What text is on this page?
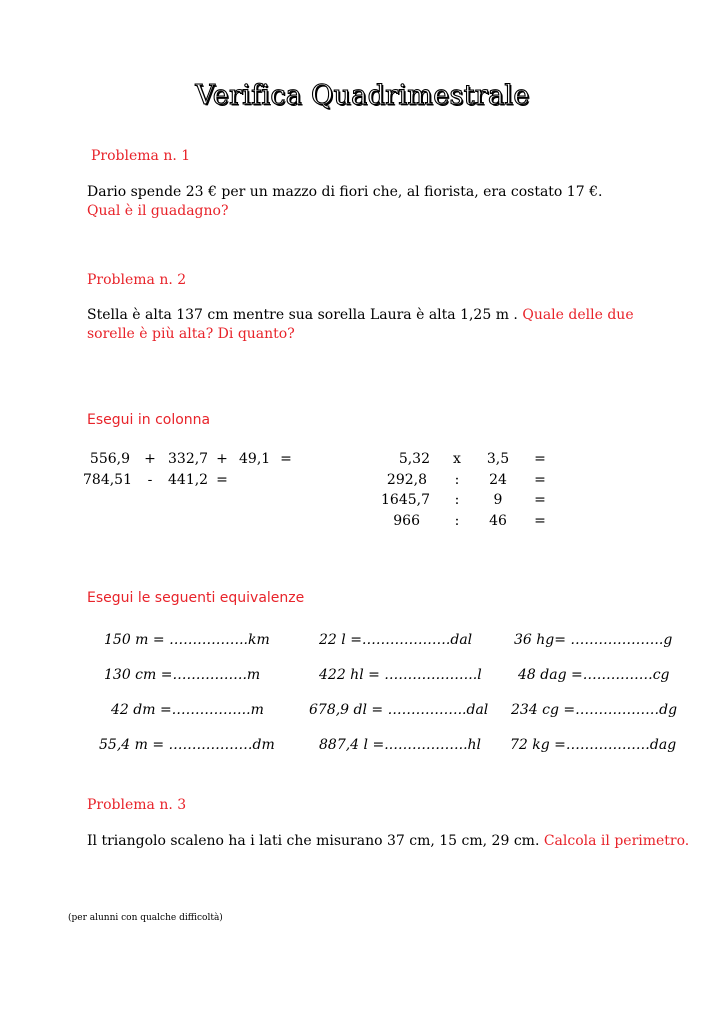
Verifica Quadrimestrale
Problema n. 1
Dario spende 23 € per un mazzo di fiori che, al fiorista, era costato 17 €.
Qual è il guadagno?
Problema n. 2
Stella è alta 137 cm mentre sua sorella Laura è alta 1,25 m . Quale delle due
sorelle è più alta? Di quanto?
Esegui in colonna
556,9 + 332,7 + 49,1 =
784,51	-	441,2 =
5,32	x	3,5	=
292,8	:	24	=
1645,7	:	9	=
966	:	46	=
Esegui le seguenti equivalenze
150 m = ……………..km	22 l =……………….dal	36 hg= ………………..g
130 cm =…………….m	422 hl = ………………..l	48 dag =……………cg
42 dm =……………..m	678,9 dl = ……………..dal 234 cg =………………dg
55,4 m = ………………dm	887,4 l =.……………..hl 72 kg =………………dag
Problema n. 3
Il triangolo scaleno ha i lati che misurano 37 cm, 15 cm, 29 cm. Calcola il perimetro.
(per alunni con qualche difficoltà)
